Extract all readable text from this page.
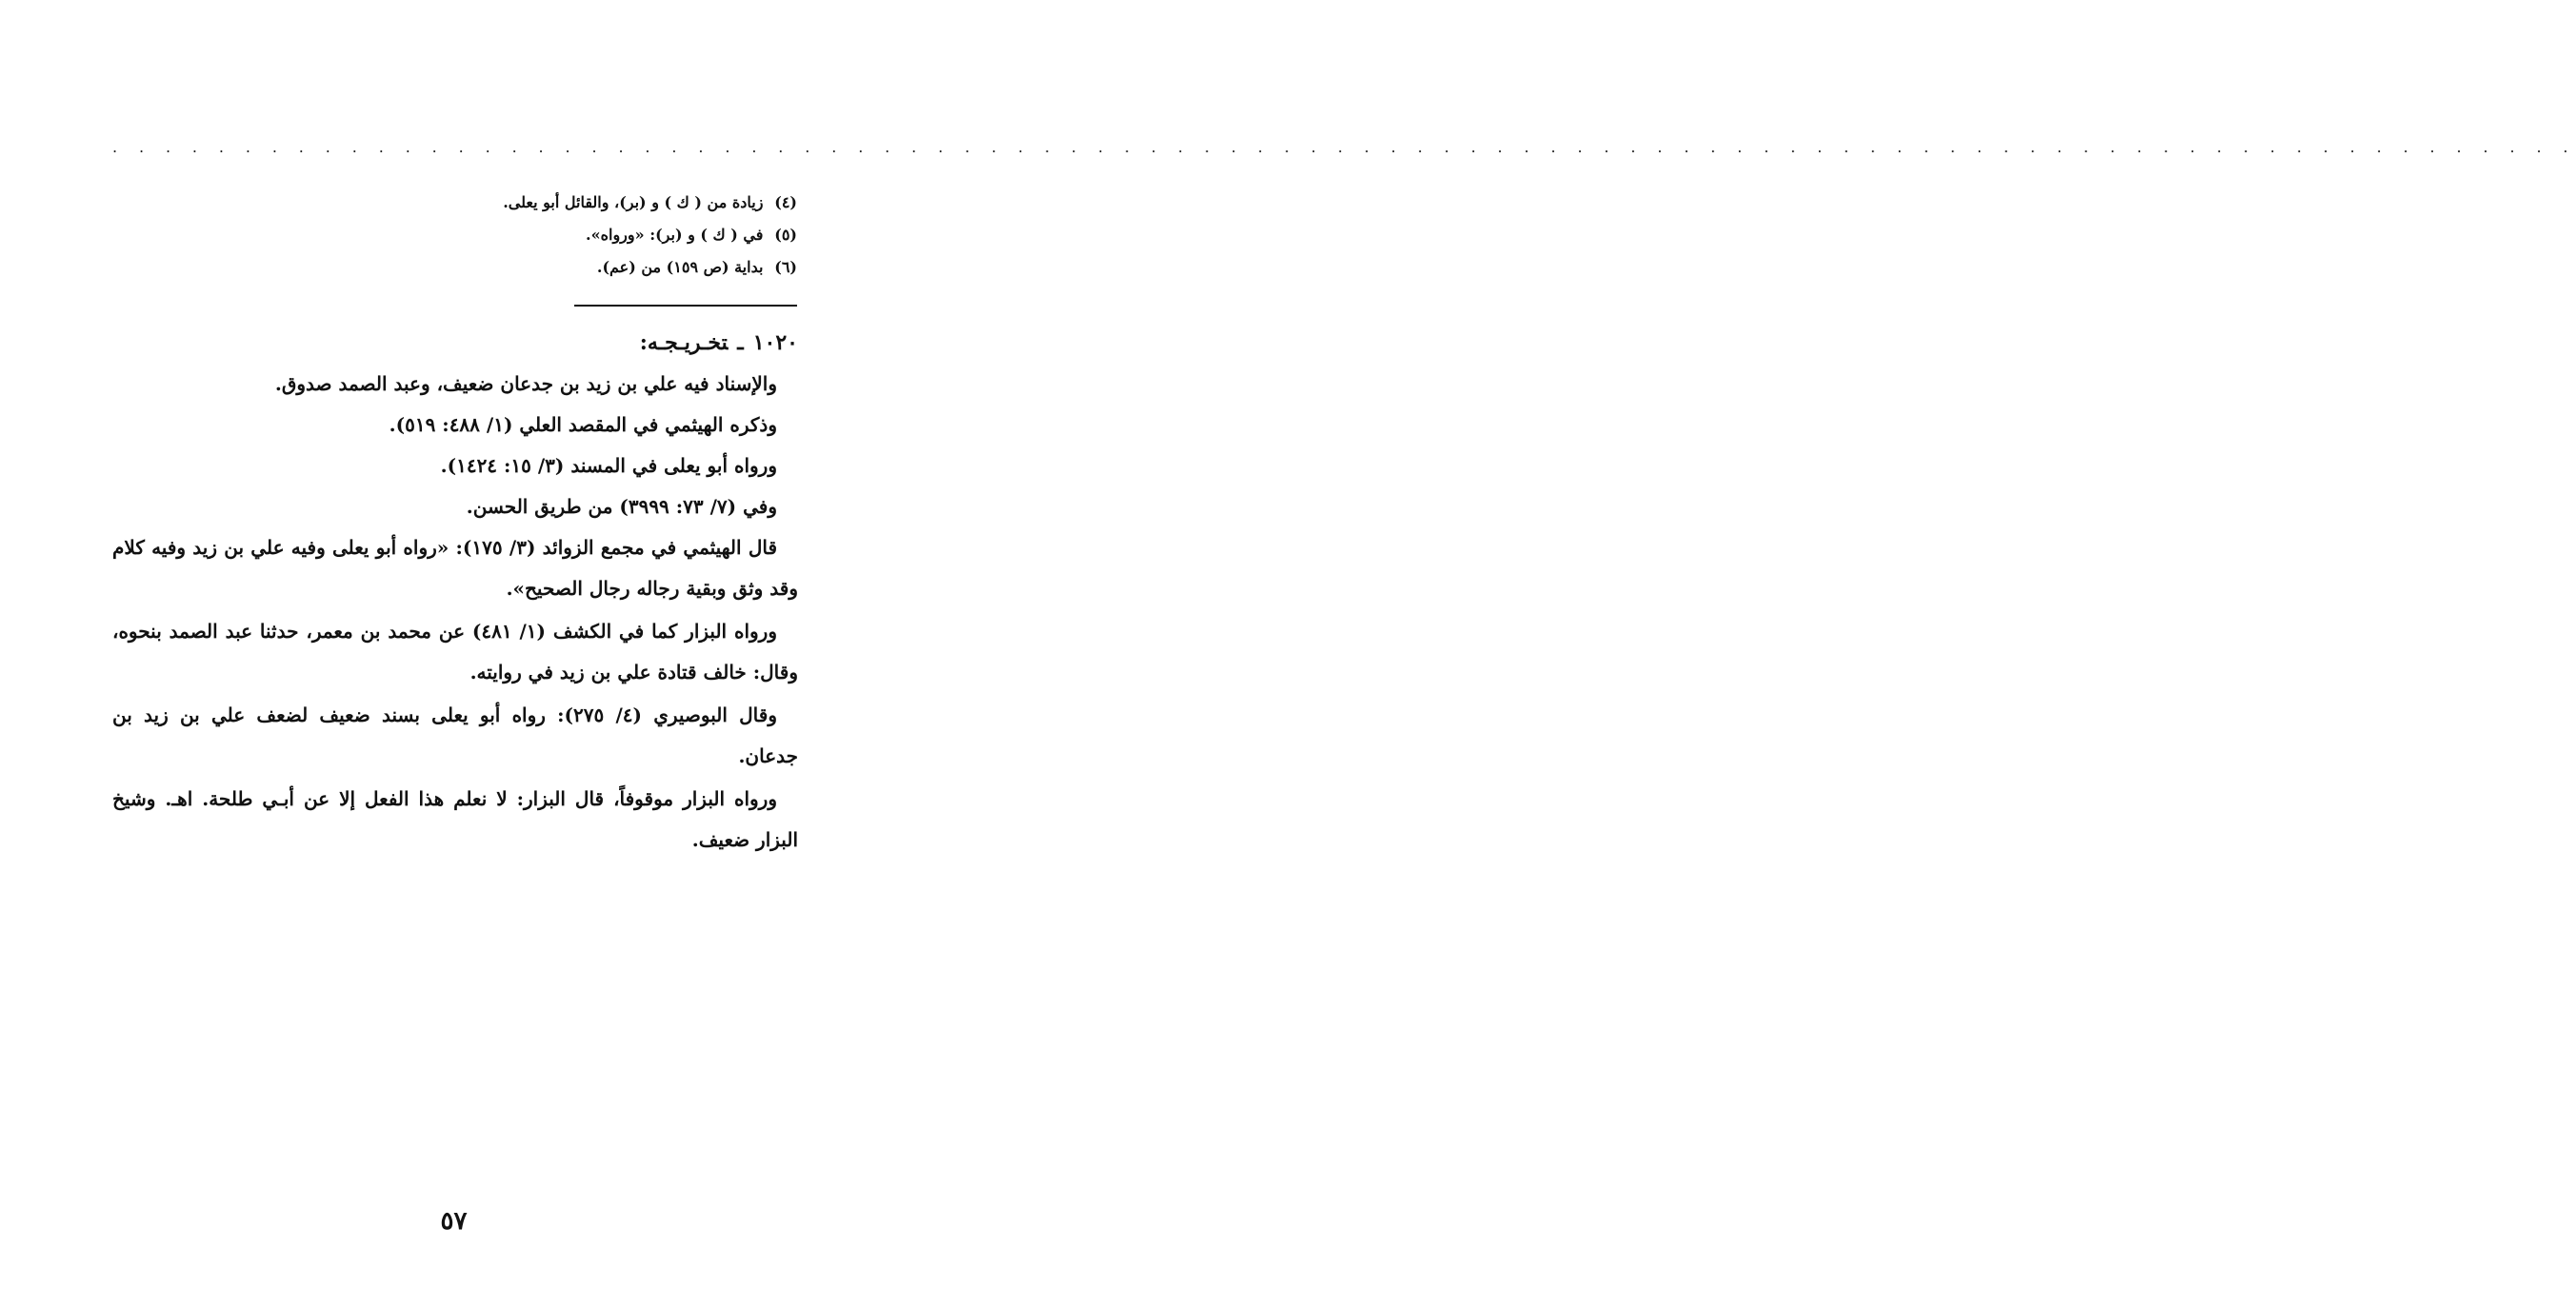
. . . . . . . . . . . . . . . . . . . . . . . . . . . . . . . . . . . . . . . . . . . . . . . . . . . . . . . . . . . . . . . . . . . . . . . . . . . . . . . . . . . . . . . . . . . . .
(٤) زيادة من ( ك ) و (بر)، والقائل أبو يعلى.
(٥) في ( ك ) و (بر): «ورواه».
(٦) بداية (ص ١٥٩) من (عم).
١٠٢٠ـتخـريـجـه:
والإسناد فيه علي بن زيد بن جدعان ضعيف، وعبد الصمد صدوق.
وذكره الهيثمي في المقصد العلي (١/ ٤٨٨: ٥١٩).
ورواه أبو يعلى في المسند (٣/ ١٥: ١٤٢٤).
وفي (٧/ ٧٣: ٣٩٩٩) من طريق الحسن.
قال الهيثمي في مجمع الزوائد (٣/ ١٧٥): «رواه أبو يعلى وفيه علي بن زيد وفيه كلام وقد وثق وبقية رجاله رجال الصحيح».
ورواه البزار كما في الكشف (١/ ٤٨١) عن محمد بن معمر، حدثنا عبد الصمد بنحوه، وقال: خالف قتادة علي بن زيد في روايته.
وقال البوصيري (٤/ ٢٧٥): رواه أبو يعلى بسند ضعيف لضعف علي بن زيد بن جدعان.
ورواه البزار موقوفاً، قال البزار: لا نعلم هذا الفعل إلا عن أبـي طلحة. اهـ. وشيخ البزار ضعيف.
٥٧
